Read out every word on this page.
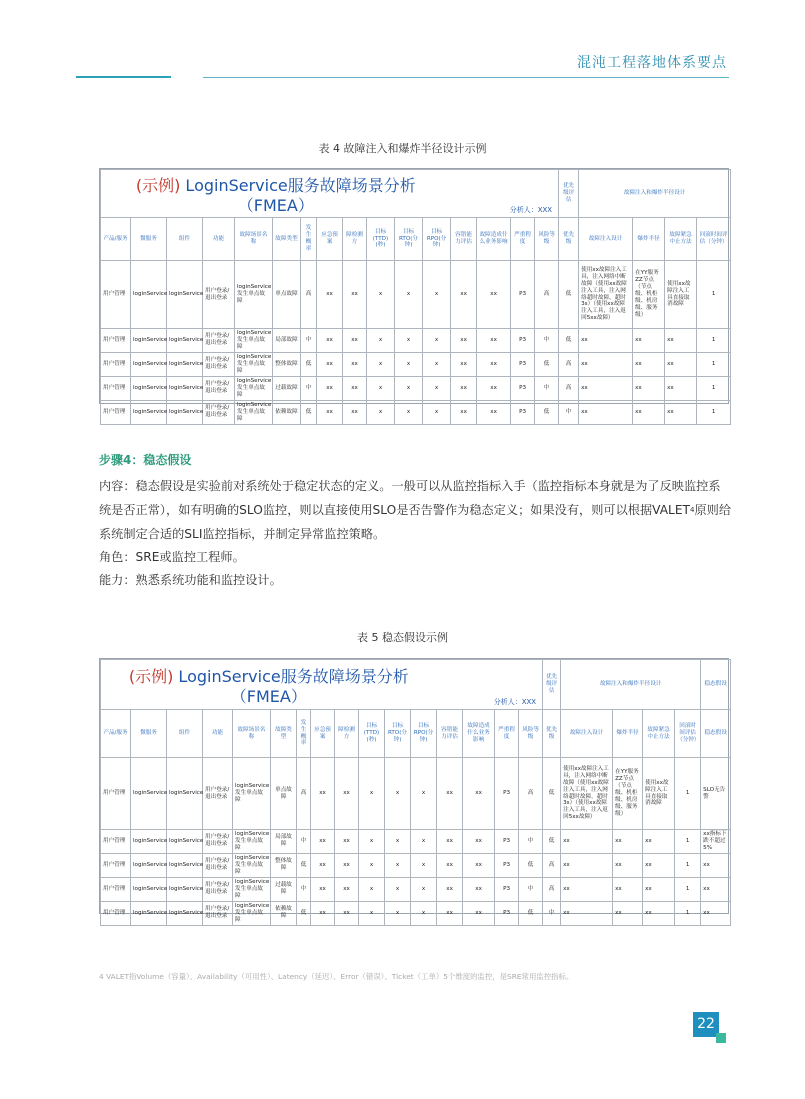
混沌工程落地体系要点
表 4 故障注入和爆炸半径设计示例
(示例) LoginService服务故障场景分析（FMEA）												分析人：XXX				优先级评估	故障注入和爆炸半径设计			
产品/服务	微服务	组件	功能	故障场景名称	故障类型	发生概率	应急预案	障检测方	目标(TTD)(秒)	目标RTO(分钟)	目标RPO(分钟)	容错能力评估	故障造成什么业务影响	严重程度	风险等级	优先级	故障注入设计	爆炸半径	故障紧急中止方法	回滚时间评估（分钟）
用户管理	loginService	loginService	用户登录/退出登录	loginService发生单点故障	单点故障	高	xx	xx	x	x	x	xx	xx	P3	高	低	使用xx故障注入工具，注入网络中断故障（使用xx故障注入工具，注入网络超时故障，超时3s）（使用xx故障注入工具，注入返回5xx故障）	在YY服务ZZ节点（节点级、机柜级、机房级、服务级）	使用xx故障注入工具直接取消故障	1
用户管理	loginService	loginService	用户登录/退出登录	loginService发生单点故障	局部故障	中	xx	xx	x	x	x	xx	xx	P3	中	低	xx	xx	xx	1
用户管理	loginService	loginService	用户登录/退出登录	loginService发生单点故障	整体故障	低	xx	xx	x	x	x	xx	xx	P3	低	高	xx	xx	xx	1
用户管理	loginService	loginService	用户登录/退出登录	loginService发生单点故障	过载故障	中	xx	xx	x	x	x	xx	xx	P3	中	高	xx	xx	xx	1
用户管理	loginService	loginService	用户登录/退出登录	loginService发生单点故障	依赖故障	低	xx	xx	x	x	x	xx	xx	P3	低	中	xx	xx	xx	1
步骤4：稳态假设
内容：稳态假设是实验前对系统处于稳定状态的定义。一般可以从监控指标入手（监控指标本身就是为了反映监控系统是否正常），如有明确的SLO监控，则以直接使用SLO是否告警作为稳态定义；如果没有，则可以根据VALET$^4$原则给系统制定合适的SLI监控指标，并制定异常监控策略。
角色：SRE或监控工程师。
能力：熟悉系统功能和监控设计。
表 5 稳态假设示例
(示例) LoginService服务故障场景分析（FMEA）												分析人：XXX				优先级评估	故障注入和爆炸半径设计				稳态假设
产品/服务	微服务	组件	功能	故障场景名称	故障类型	发生概率	应急预案	障检测方	目标(TTD)(秒)	目标RTO(分钟)	目标RPO(分钟)	容错能力评估	故障造成什么业务影响	严重程度	风险等级	优先级	故障注入设计	爆炸半径	故障紧急中止方法	回滚时间评估（分钟）	稳态假设
用户管理	loginService	loginService	用户登录/退出登录	loginService发生单点故障	单点故障	高	xx	xx	x	x	x	xx	xx	P3	高	低	使用xx故障注入工具，注入网络中断故障（使用xx故障注入工具，注入网络超时故障，超时3s）（使用xx故障注入工具，注入返回5xx故障）	在YY服务ZZ节点（节点级、机柜级、机房级、服务级）	使用xx故障注入工具直接取消故障	1	SLO无告警
用户管理	loginService	loginService	用户登录/退出登录	loginService发生单点故障	局部故障	中	xx	xx	x	x	x	xx	xx	P3	中	低	xx	xx	xx	1	xx指标下跌不超过5%
用户管理	loginService	loginService	用户登录/退出登录	loginService发生单点故障	整体故障	低	xx	xx	x	x	x	xx	xx	P3	低	高	xx	xx	xx	1	xx
用户管理	loginService	loginService	用户登录/退出登录	loginService发生单点故障	过载故障	中	xx	xx	x	x	x	xx	xx	P3	中	高	xx	xx	xx	1	xx
用户管理	loginService	loginService	用户登录/退出登录	loginService发生单点故障	依赖故障	低	xx	xx	x	x	x	xx	xx	P3	低	中	xx	xx	xx	1	xx
4 VALET指Volume（容量）、Availability（可用性）、Latency（延迟）、Error（错误）、Ticket（工单）5个维度的监控，是SRE常用监控指标。
22
